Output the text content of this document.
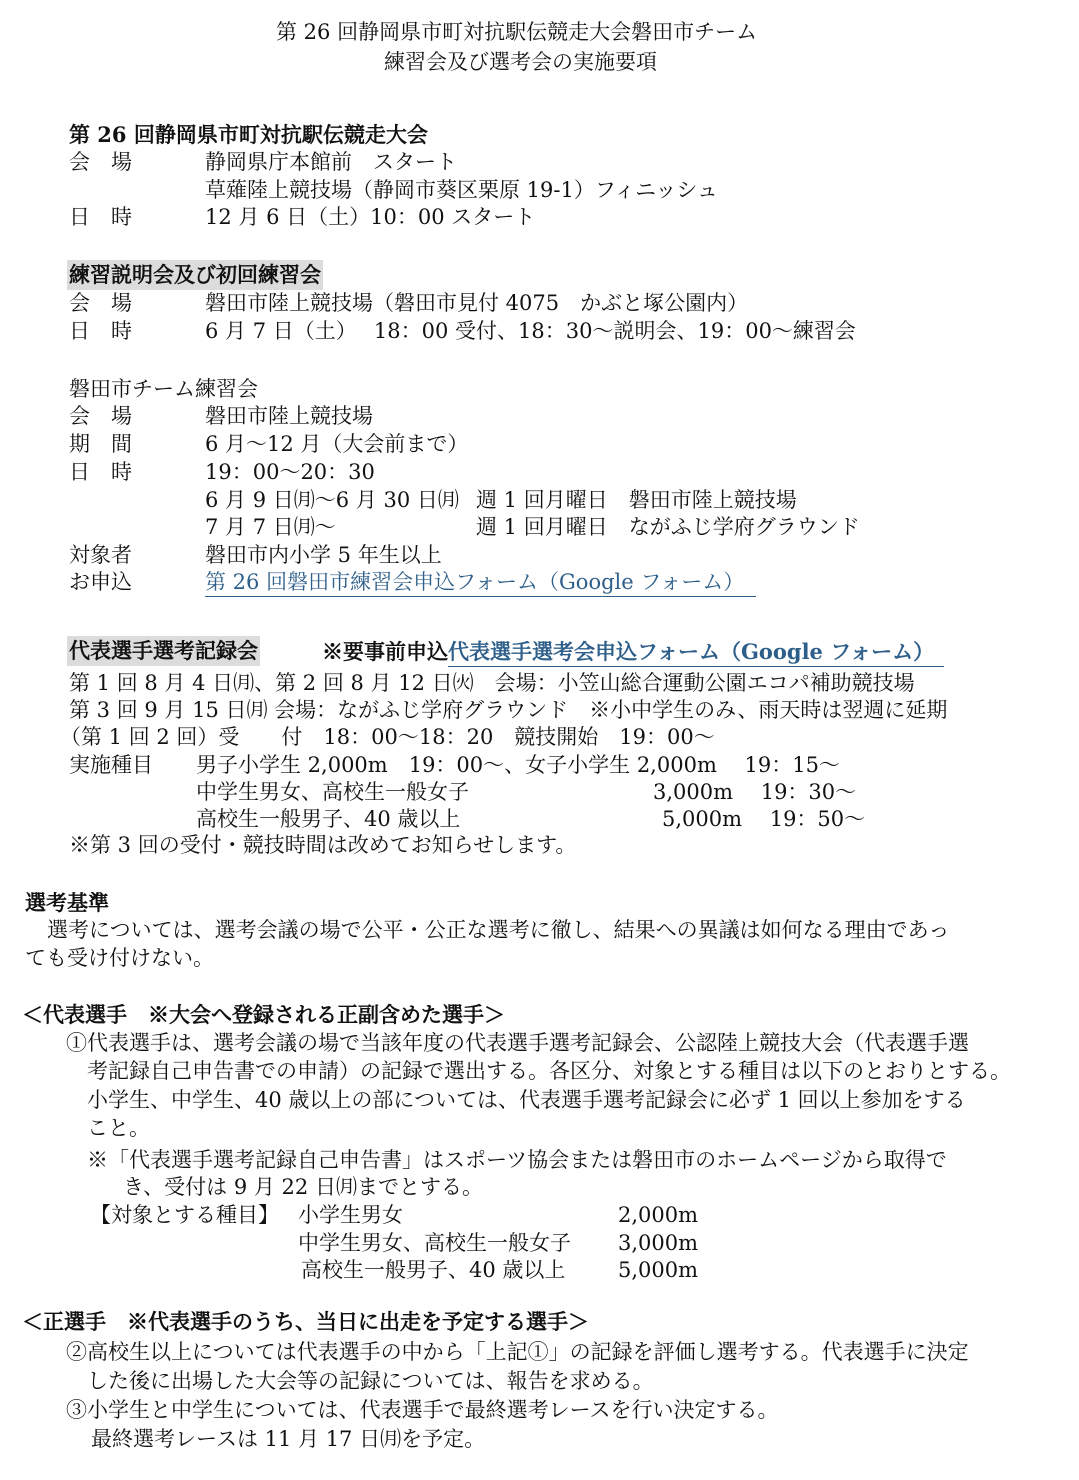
第 26 回静岡県市町対抗駅伝競走大会磐田市チーム
練習会及び選考会の実施要項
第 26 回静岡県市町対抗駅伝競走大会
会　場	静岡県庁本館前　スタート
草薙陸上競技場（静岡市葵区栗原 19-1）フィニッシュ
日　時	12 月 6 日（土）10：00 スタート
練習説明会及び初回練習会
会　場	磐田市陸上競技場（磐田市見付 4075　かぶと塚公園内）
日　時	6 月 7 日（土）　 18：00 受付、18：30～説明会、19：00～練習会
磐田市チーム練習会
会　場	磐田市陸上競技場
期　間	6 月～12 月（大会前まで）
日　時	19：00～20：30
6 月 9 日㈪～6 月 30 日㈪ 週 1 回月曜日　磐田市陸上競技場
7 月 7 日㈪～	週 1 回月曜日　ながふじ学府グラウンド
対象者	磐田市内小学 5 年生以上
お申込	第 26 回磐田市練習会申込フォーム（Google フォーム）
代表選手選考記録会	※要事前申込代表選手選考会申込フォーム（Google フォーム）
第 1 回 8 月 4 日㈪、第 2 回 8 月 12 日㈫　会場：小笠山総合運動公園エコパ補助競技場
第 3 回 9 月 15 日㈪ 会場：ながふじ学府グラウンド　※小中学生のみ、雨天時は翌週に延期
（第 1 回 2 回）受　　付　18：00～18：20　競技開始　19：00～
実施種目 男子小学生 2,000m　19：00～、女子小学生 2,000m　 19：15～
中学生男女、高校生一般女子	3,000m　 19：30～
高校生一般男子、40 歳以上	5,000m　 19：50～
※第 3 回の受付・競技時間は改めてお知らせします。
選考基準
選考については、選考会議の場で公平・公正な選考に徹し、結果への異議は如何なる理由であっ
ても受け付けない。
＜代表選手　※大会へ登録される正副含めた選手＞
①代表選手は、選考会議の場で当該年度の代表選手選考記録会、公認陸上競技大会（代表選手選
考記録自己申告書での申請）の記録で選出する。各区分、対象とする種目は以下のとおりとする。
小学生、中学生、40 歳以上の部については、代表選手選考記録会に必ず 1 回以上参加をする
こと。
※「代表選手選考記録自己申告書」はスポーツ協会または磐田市のホームページから取得で
き、受付は 9 月 22 日㈪までとする。
【対象とする種目】 小学生男女	2,000m
中学生男女、高校生一般女子 3,000m
高校生一般男子、40 歳以上	5,000m
＜正選手　※代表選手のうち、当日に出走を予定する選手＞
②高校生以上については代表選手の中から「上記①」の記録を評価し選考する。代表選手に決定
した後に出場した大会等の記録については、報告を求める。
③小学生と中学生については、代表選手で最終選考レースを行い決定する。
最終選考レースは 11 月 17 日㈪を予定。
